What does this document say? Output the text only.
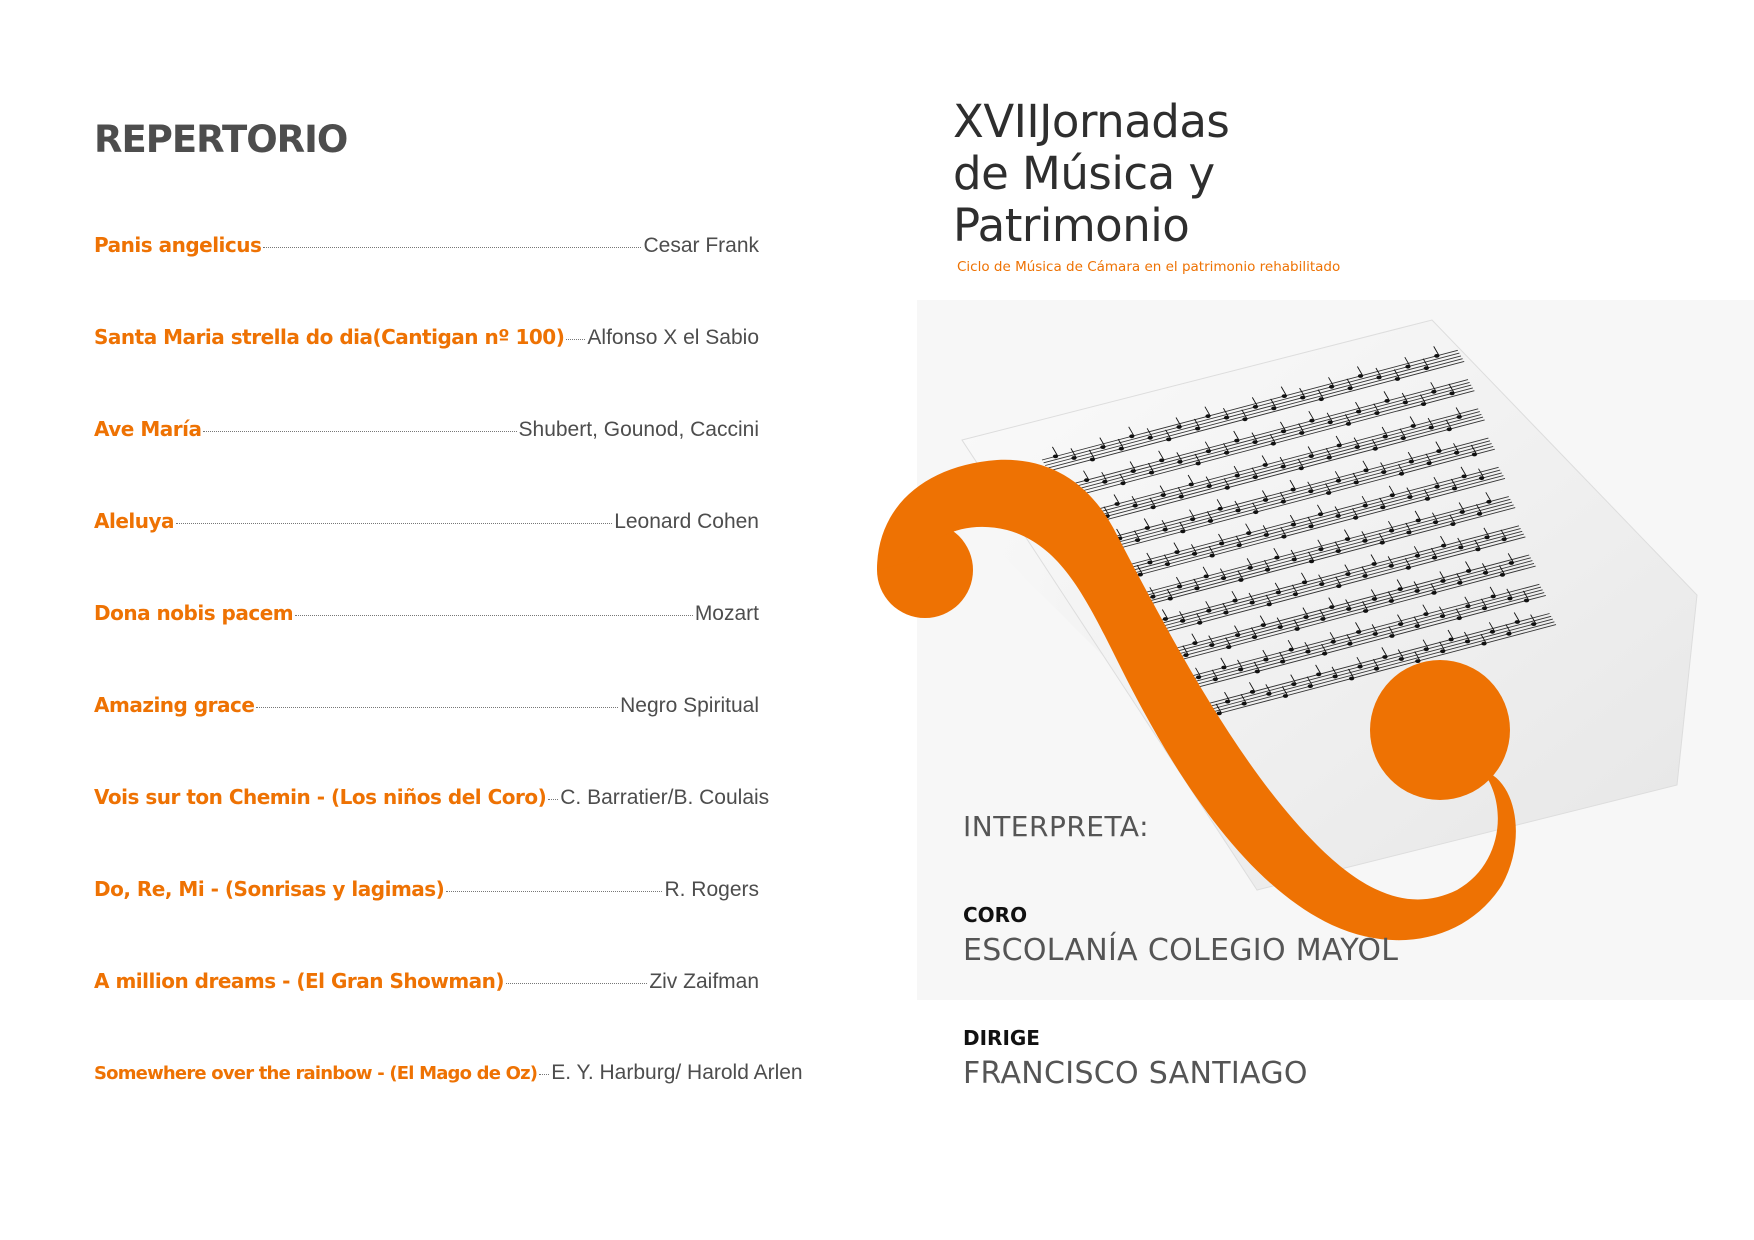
REPERTORIO
Panis angelicus	Cesar Frank
Santa Maria strella do dia(Cantigan nº 100) Alfonso X el Sabio
Ave María	Shubert, Gounod, Caccini
Aleluya	Leonard Cohen
Dona nobis pacem	Mozart
Amazing grace	Negro Spiritual
Vois sur ton Chemin - (Los niños del Coro) C. Barratier/B. Coulais
Do, Re, Mi - (Sonrisas y lagimas)	R. Rogers
A million dreams - (El Gran Showman)	Ziv Zaifman
Somewhere over the rainbow - (El Mago de Oz) E. Y. Harburg/ Harold Arlen
XVIIJornadas
de Música y
Patrimonio

Ciclo de Música de Cámara en el patrimonio rehabilitado

INTERPRETA:

CORO

ESCOLANÍA COLEGIO MAYOL

DIRIGE

FRANCISCO SANTIAGO
